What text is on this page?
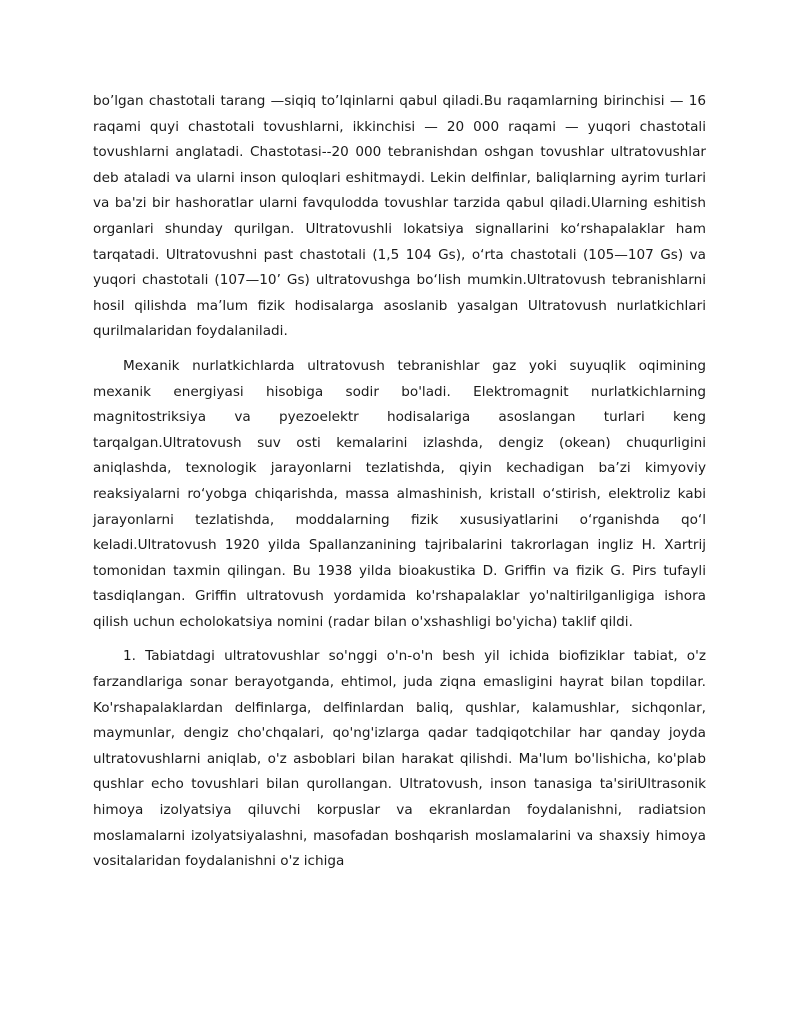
bo’lgan chastotali tarang —siqiq to’lqinlarni qabul qiladi.Bu raqamlarning birinchisi — 16 raqami quyi chastotali tovushlarni, ikkinchisi — 20 000 raqami — yuqori chastotali tovushlarni anglatadi. Chastotasi--20 000 tebranishdan oshgan tovushlar ultratovushlar deb ataladi va ularni inson quloqlari eshitmaydi. Lekin delfinlar, baliqlarning ayrim turlari va ba'zi bir hashoratlar ularni favqulodda tovushlar tarzida qabul qiladi.Ularning eshitish organlari shunday qurilgan. Ultratovushli lokatsiya signallarini ko‘rshapalaklar ham tarqatadi. Ultratovushni past chastotali (1,5 104 Gs), o‘rta chastotali (105—107 Gs) va yuqori chastotali (107—10’ Gs) ultratovushga bo‘lish mumkin.Ultratovush tebranishlarni hosil qilishda ma’lum fizik hodisalarga asoslanib yasalgan Ultratovush nurlatkichlari qurilmalaridan foydalaniladi.

Mexanik nurlatkichlarda ultratovush tebranishlar gaz yoki suyuqlik oqimining mexanik energiyasi hisobiga sodir bo'ladi. Elektromagnit nurlatkichlarning magnitostriksiya va pyezoelektr hodisalariga asoslangan turlari keng tarqalgan.Ultratovush suv osti kemalarini izlashda, dengiz (okean) chuqurligini aniqlashda, texnologik jarayonlarni tezlatishda, qiyin kechadigan ba’zi kimyoviy reaksiyalarni ro‘yobga chiqarishda, massa almashinish, kristall o‘stirish, elektroliz kabi jarayonlarni tezlatishda, moddalarning fizik xususiyatlarini o‘rganishda qo‘l keladi.Ultratovush 1920 yilda Spallanzanining tajribalarini takrorlagan ingliz H. Xartrij tomonidan taxmin qilingan. Bu 1938 yilda bioakustika D. Griffin va fizik G. Pirs tufayli tasdiqlangan. Griffin ultratovush yordamida ko'rshapalaklar yo'naltirilganligiga ishora qilish uchun echolokatsiya nomini (radar bilan o'xshashligi bo'yicha) taklif qildi.

1. Tabiatdagi ultratovushlar so'nggi o'n-o'n besh yil ichida biofiziklar tabiat, o'z farzandlariga sonar berayotganda, ehtimol, juda ziqna emasligini hayrat bilan topdilar. Ko'rshapalaklardan delfinlarga, delfinlardan baliq, qushlar, kalamushlar, sichqonlar, maymunlar, dengiz cho'chqalari, qo'ng'izlarga qadar tadqiqotchilar har qanday joyda ultratovushlarni aniqlab, o'z asboblari bilan harakat qilishdi. Ma'lum bo'lishicha, ko'plab qushlar echo tovushlari bilan qurollangan. Ultratovush, inson tanasiga ta'siriUltrasonik himoya izolyatsiya qiluvchi korpuslar va ekranlardan foydalanishni, radiatsion moslamalarni izolyatsiyalashni, masofadan boshqarish moslamalarini va shaxsiy himoya vositalaridan foydalanishni o'z ichiga
